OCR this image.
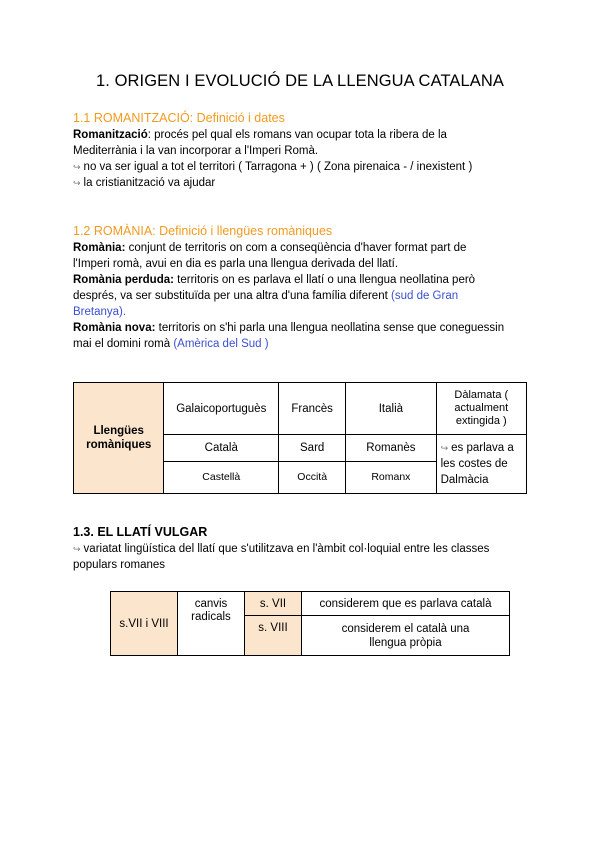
1. ORIGEN I EVOLUCIÓ DE LA LLENGUA CATALANA
1.1 ROMANITZACIÓ: Definició i dates
Romanització: procés pel qual els romans van ocupar tota la ribera de la
Mediterrània i la van incorporar a l'Imperi Romà.
↪ no va ser igual a tot el territori ( Tarragona + ) ( Zona pirenaica - / inexistent )
↪ la cristianització va ajudar
1.2 ROMÀNIA: Definició i llengües romàniques
Romània: conjunt de territoris on com a conseqüència d'haver format part de
l'Imperi romà, avui en dia es parla una llengua derivada del llatí.
Romània perduda: territoris on es parlava el llatí o una llengua neollatina però
després, va ser substituïda per una altra d'una família diferent (sud de Gran
Bretanya).
Romània nova: territoris on s'hi parla una llengua neollatina sense que coneguessin
mai el domini romà (Amèrica del Sud )
Llengües romàniques	Galaicoportuguès	Francès	Italià	Dàlamata ( actualment extingida )
	Català	Sard	Romanès	↪ es parlava a les costes de Dalmàcia
	Castellà	Occità	Romanx	
1.3. EL LLATÍ VULGAR
↪ variatat lingüística del llatí que s'utilitzava en l'àmbit col·loquial entre les classes
populars romanes
s.VII i VIII	canvis radicals	s. VII	considerem que es parlava català
		s. VIII	considerem el català una llengua pròpia
